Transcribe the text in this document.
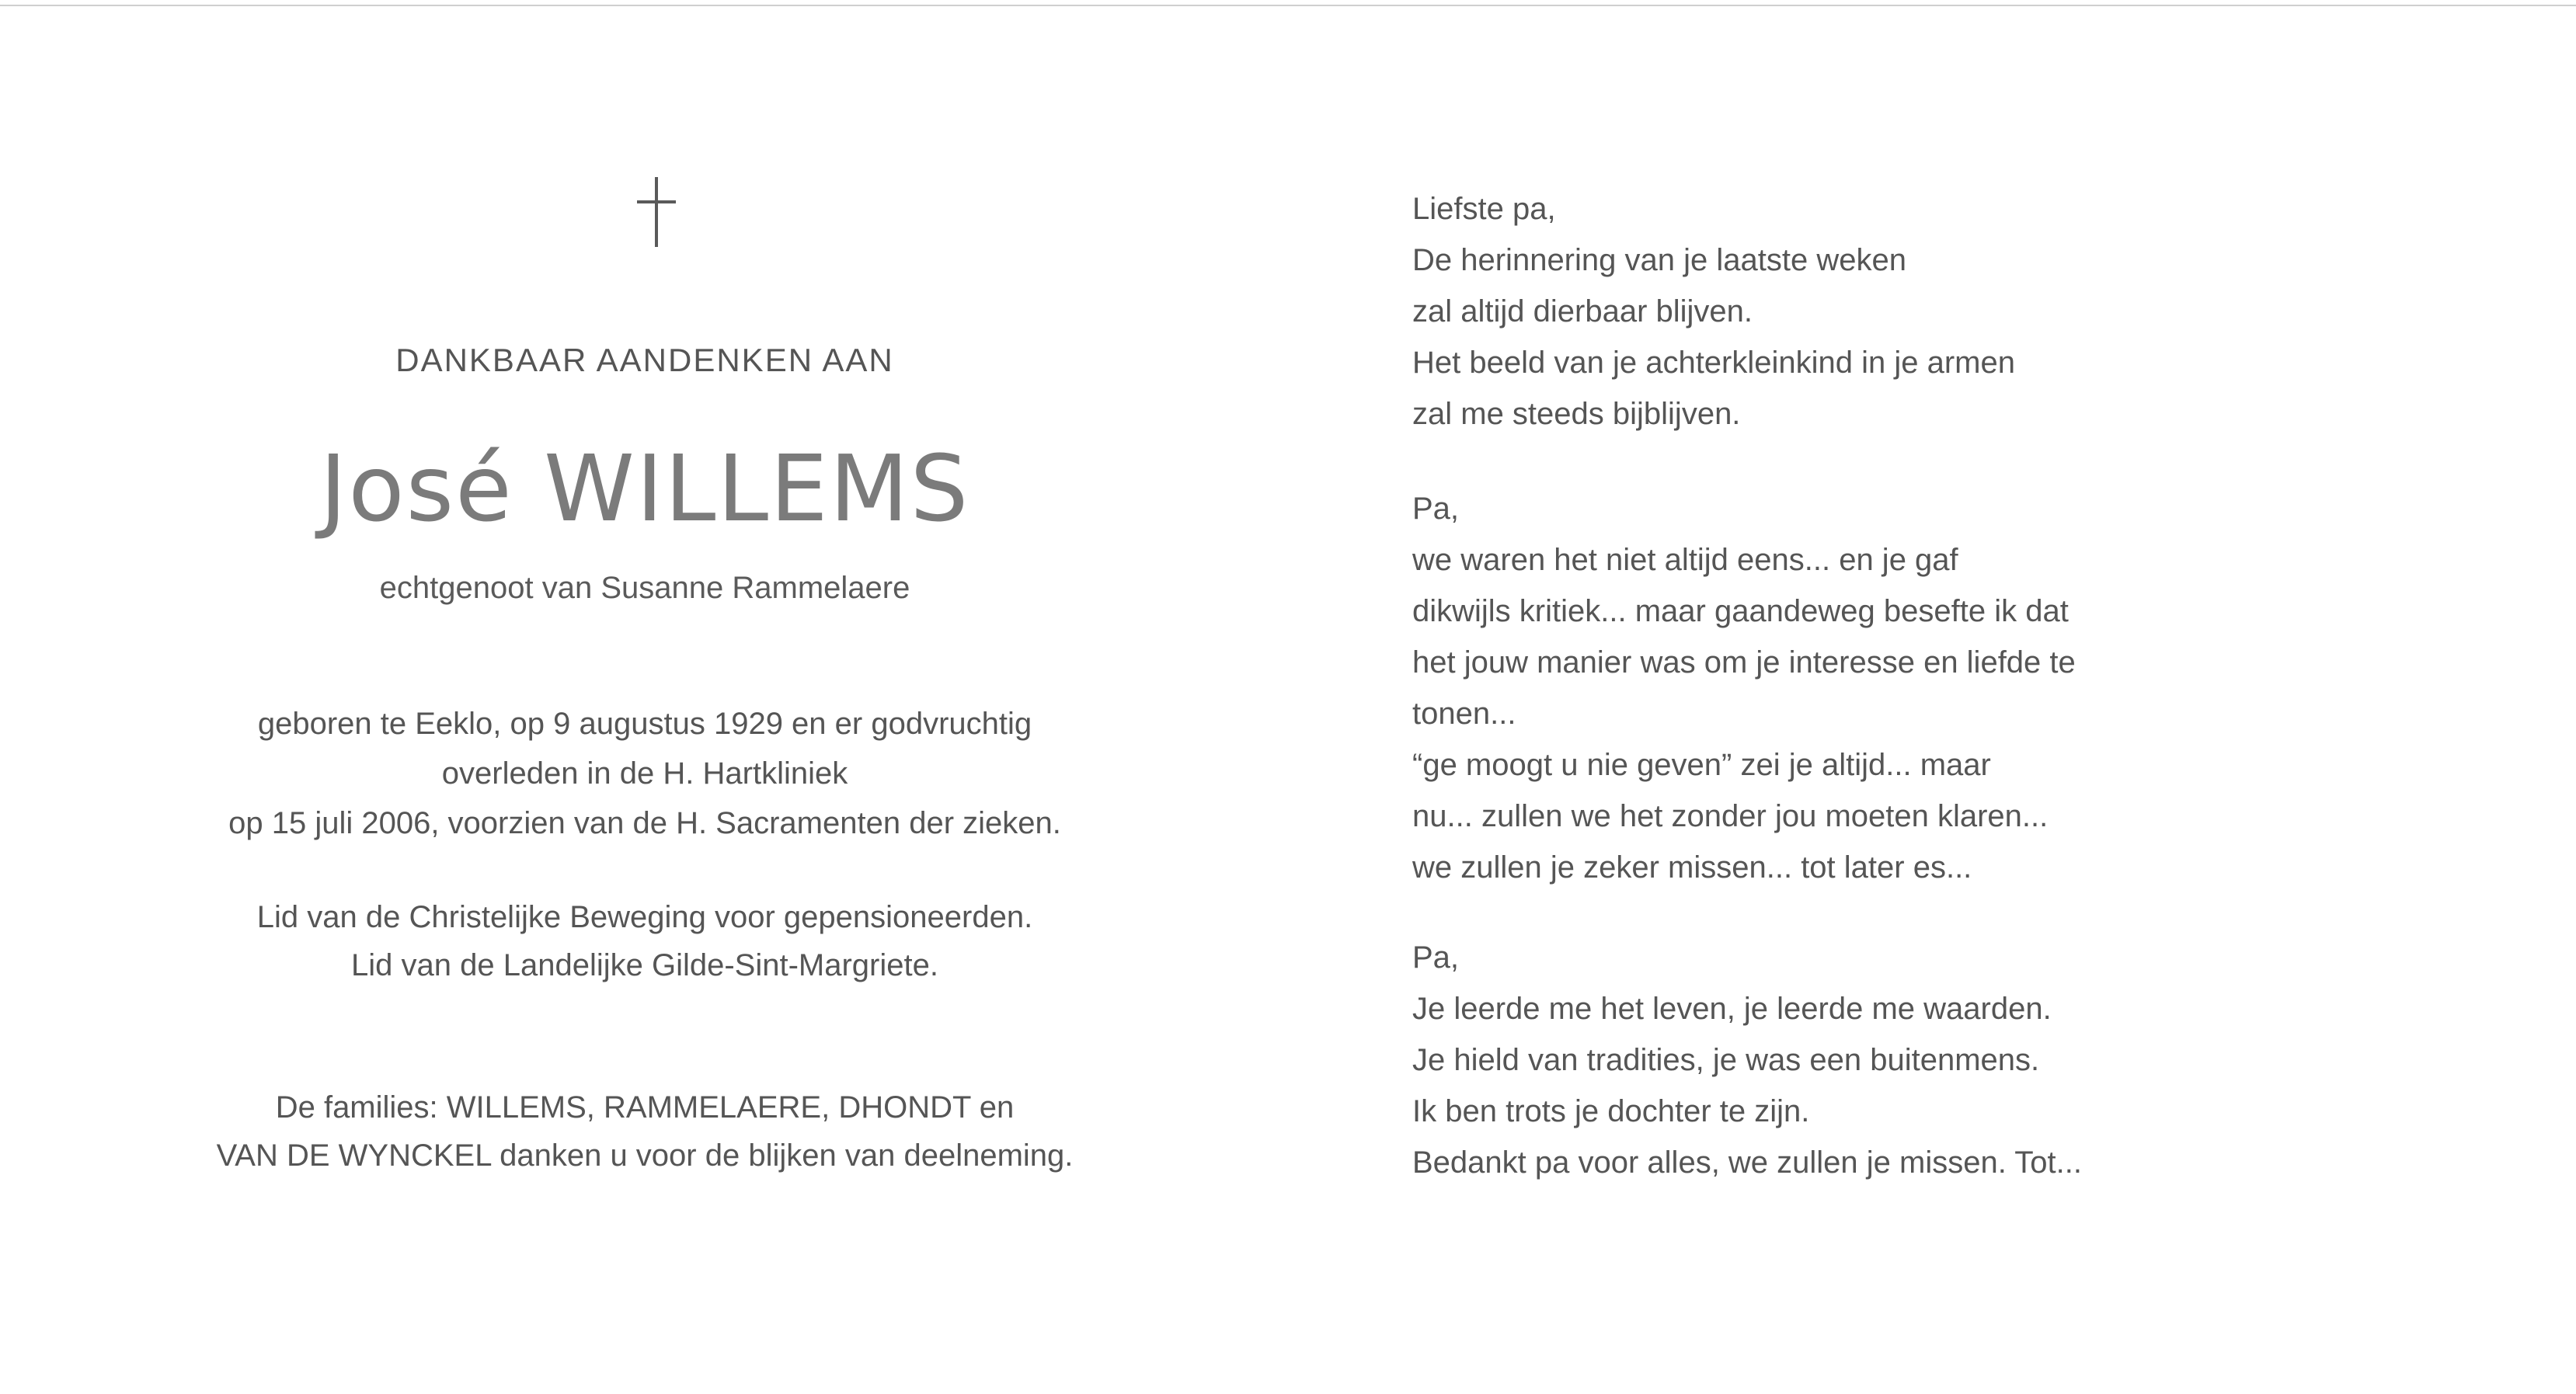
DANKBAAR AANDENKEN AAN
José WILLEMS
echtgenoot van Susanne Rammelaere
geboren te Eeklo, op 9 augustus 1929 en er godvruchtig
overleden in de H. Hartkliniek
op 15 juli 2006, voorzien van de H. Sacramenten der zieken.
Lid van de Christelijke Beweging voor gepensioneerden.
Lid van de Landelijke Gilde-Sint-Margriete.
De families: WILLEMS, RAMMELAERE, DHONDT en
VAN DE WYNCKEL danken u voor de blijken van deelneming.
Liefste pa,
De herinnering van je laatste weken
zal altijd dierbaar blijven.
Het beeld van je achterkleinkind in je armen
zal me steeds bijblijven.
Pa,
we waren het niet altijd eens... en je gaf
dikwijls kritiek... maar gaandeweg besefte ik dat
het jouw manier was om je interesse en liefde te
tonen...
“ge moogt u nie geven” zei je altijd... maar
nu... zullen we het zonder jou moeten klaren...
we zullen je zeker missen... tot later es...
Pa,
Je leerde me het leven, je leerde me waarden.
Je hield van tradities, je was een buitenmens.
Ik ben trots je dochter te zijn.
Bedankt pa voor alles, we zullen je missen. Tot...
